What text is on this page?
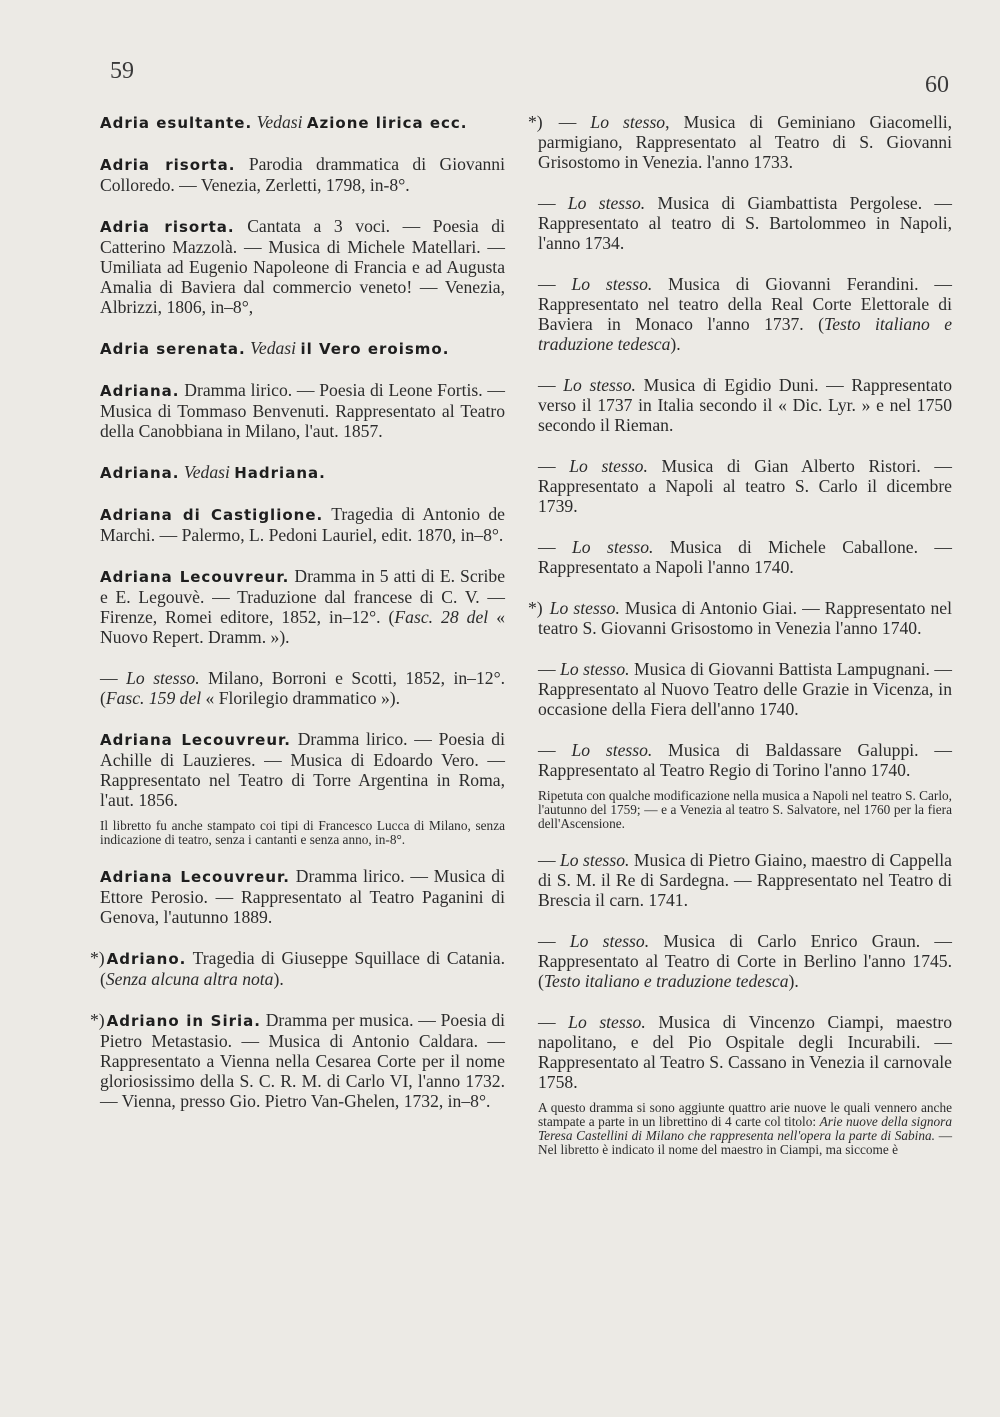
59
60
Adria esultante. Vedasi Azione lirica ecc.
Adria risorta. Parodia drammatica di Giovanni Colloredo. — Venezia, Zerletti, 1798, in-8°.
Adria risorta. Cantata a 3 voci. — Poesia di Catterino Mazzolà. — Musica di Michele Matellari. — Umiliata ad Eugenio Napoleone di Francia e ad Augusta Amalia di Baviera dal commercio veneto! — Venezia, Albrizzi, 1806, in–8°,
Adria serenata. Vedasi il Vero eroismo.
Adriana. Dramma lirico. — Poesia di Leone Fortis. — Musica di Tommaso Benvenuti. Rappresentato al Teatro della Canobbiana in Milano, l'aut. 1857.
Adriana. Vedasi Hadriana.
Adriana di Castiglione. Tragedia di Antonio de Marchi. — Palermo, L. Pedoni Lauriel, edit. 1870, in–8°.
Adriana Lecouvreur. Dramma in 5 atti di E. Scribe e E. Legouvè. — Traduzione dal francese di C. V. — Firenze, Romei editore, 1852, in–12°. (Fasc. 28 del « Nuovo Repert. Dramm. »).
— Lo stesso. Milano, Borroni e Scotti, 1852, in–12°. (Fasc. 159 del « Florilegio drammatico »).
Adriana Lecouvreur. Dramma lirico. — Poesia di Achille di Lauzieres. — Musica di Edoardo Vero. — Rappresentato nel Teatro di Torre Argentina in Roma, l'aut. 1856.
Il libretto fu anche stampato coi tipi di Francesco Lucca di Milano, senza indicazione di teatro, senza i cantanti e senza anno, in-8°.
Adriana Lecouvreur. Dramma lirico. — Musica di Ettore Perosio. — Rappresentato al Teatro Paganini di Genova, l'autunno 1889.
*) Adriano. Tragedia di Giuseppe Squillace di Catania. (Senza alcuna altra nota).
*) Adriano in Siria. Dramma per musica. — Poesia di Pietro Metastasio. — Musica di Antonio Caldara. — Rappresentato a Vienna nella Cesarea Corte per il nome gloriosissimo della S. C. R. M. di Carlo VI, l'anno 1732. — Vienna, presso Gio. Pietro Van-Ghelen, 1732, in–8°.
*) — Lo stesso, Musica di Geminiano Giacomelli, parmigiano, Rappresentato al Teatro di S. Giovanni Grisostomo in Venezia. l'anno 1733.
— Lo stesso. Musica di Giambattista Pergolese. — Rappresentato al teatro di S. Bartolommeo in Napoli, l'anno 1734.
— Lo stesso. Musica di Giovanni Ferandini. — Rappresentato nel teatro della Real Corte Elettorale di Baviera in Monaco l'anno 1737. (Testo italiano e traduzione tedesca).
— Lo stesso. Musica di Egidio Duni. — Rappresentato verso il 1737 in Italia secondo il « Dic. Lyr. » e nel 1750 secondo il Rieman.
— Lo stesso. Musica di Gian Alberto Ristori. — Rappresentato a Napoli al teatro S. Carlo il dicembre 1739.
— Lo stesso. Musica di Michele Caballone. — Rappresentato a Napoli l'anno 1740.
*) Lo stesso. Musica di Antonio Giai. — Rappresentato nel teatro S. Giovanni Grisostomo in Venezia l'anno 1740.
— Lo stesso. Musica di Giovanni Battista Lampugnani. — Rappresentato al Nuovo Teatro delle Grazie in Vicenza, in occasione della Fiera dell'anno 1740.
— Lo stesso. Musica di Baldassare Galuppi. — Rappresentato al Teatro Regio di Torino l'anno 1740.
Ripetuta con qualche modificazione nella musica a Napoli nel teatro S. Carlo, l'autunno del 1759; — e a Venezia al teatro S. Salvatore, nel 1760 per la fiera dell'Ascensione.
— Lo stesso. Musica di Pietro Giaino, maestro di Cappella di S. M. il Re di Sardegna. — Rappresentato nel Teatro di Brescia il carn. 1741.
— Lo stesso. Musica di Carlo Enrico Graun. — Rappresentato al Teatro di Corte in Berlino l'anno 1745. (Testo italiano e traduzione tedesca).
— Lo stesso. Musica di Vincenzo Ciampi, maestro napolitano, e del Pio Ospitale degli Incurabili. — Rappresentato al Teatro S. Cassano in Venezia il carnovale 1758.
A questo dramma si sono aggiunte quattro arie nuove le quali vennero anche stampate a parte in un librettino di 4 carte col titolo: Arie nuove della signora Teresa Castellini di Milano che rappresenta nell'opera la parte di Sabina. — Nel libretto è indicato il nome del maestro in Ciampi, ma siccome è
